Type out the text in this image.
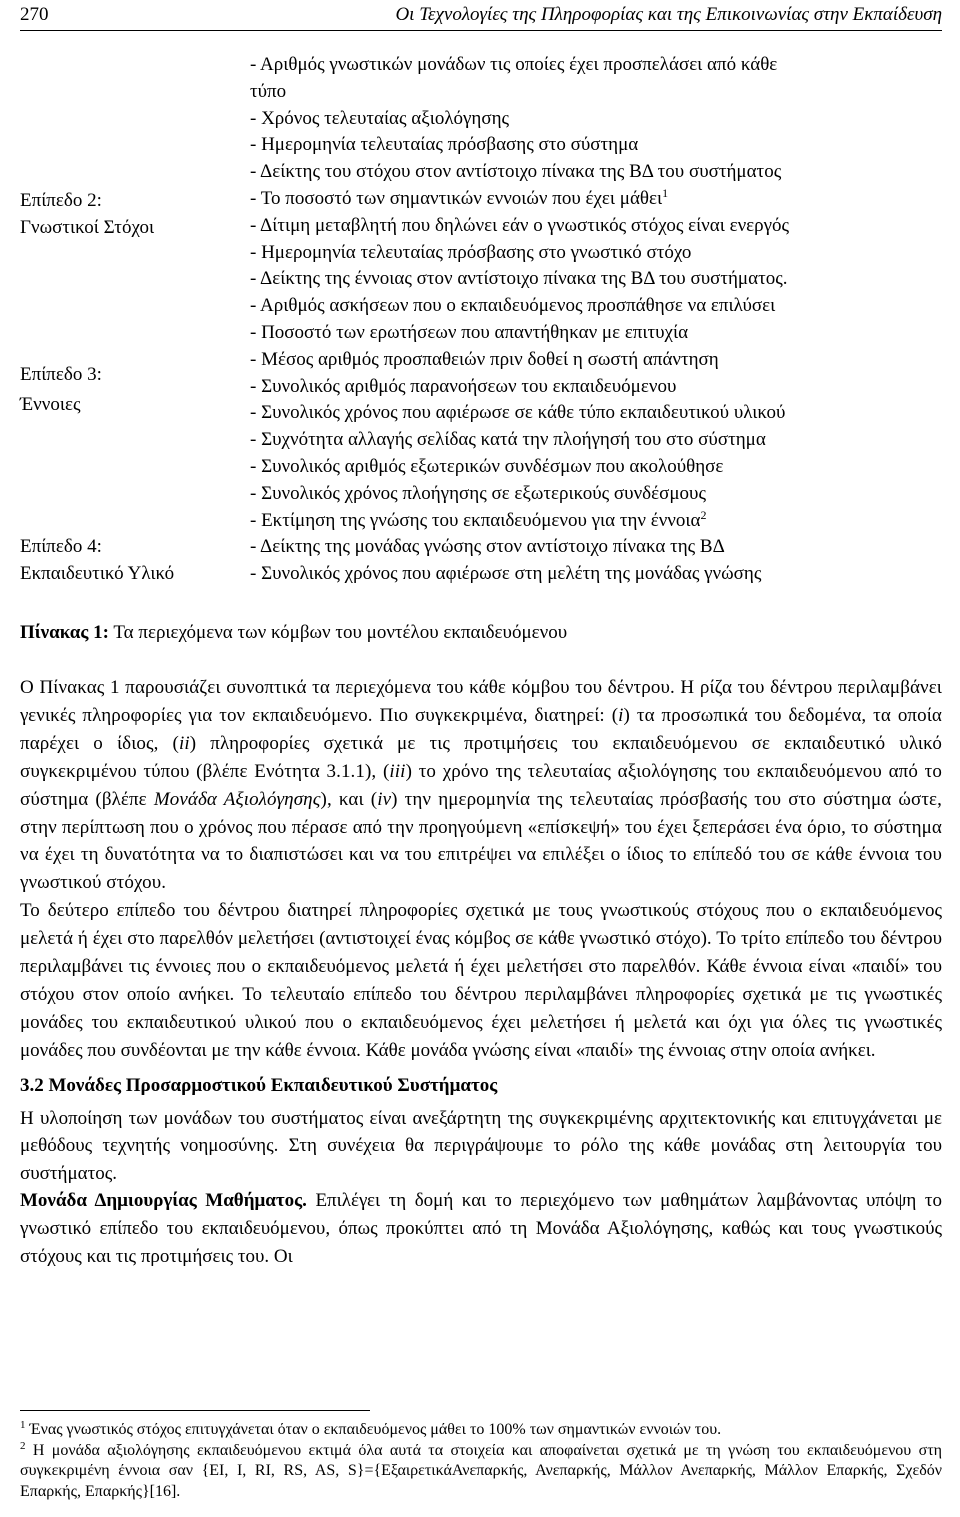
270	Οι Τεχνολογίες της Πληροφορίας και της Επικοινωνίας στην Εκπαίδευση
Επίπεδο 2:
Γνωστικοί Στόχοι
- Αριθμός γνωστικών μονάδων τις οποίες έχει προσπελάσει από κάθε
τύπο
- Χρόνος τελευταίας αξιολόγησης
- Ημερομηνία τελευταίας πρόσβασης στο σύστημα
- Δείκτης του στόχου στον αντίστοιχο πίνακα της ΒΔ του συστήματος
- Το ποσοστό των σημαντικών εννοιών που έχει μάθει$^1$
- Δίτιμη μεταβλητή που δηλώνει εάν ο γνωστικός στόχος είναι ενεργός
- Ημερομηνία τελευταίας πρόσβασης στο γνωστικό στόχο
Επίπεδο 3:
Έννοιες
- Δείκτης της έννοιας στον αντίστοιχο πίνακα της ΒΔ του συστήματος.
- Αριθμός ασκήσεων που ο εκπαιδευόμενος προσπάθησε να επιλύσει
- Ποσοστό των ερωτήσεων που απαντήθηκαν με επιτυχία
- Μέσος αριθμός προσπαθειών πριν δοθεί η σωστή απάντηση
- Συνολικός αριθμός παρανοήσεων του εκπαιδευόμενου
- Συνολικός χρόνος που αφιέρωσε σε κάθε τύπο εκπαιδευτικού υλικού
- Συχνότητα αλλαγής σελίδας κατά την πλοήγησή του στο σύστημα
- Συνολικός αριθμός εξωτερικών συνδέσμων που ακολούθησε
- Συνολικός χρόνος πλοήγησης σε εξωτερικούς συνδέσμους
- Εκτίμηση της γνώσης του εκπαιδευόμενου για την έννοια$^2$
Επίπεδο 4:
Εκπαιδευτικό Υλικό
- Δείκτης της μονάδας γνώσης στον αντίστοιχο πίνακα της ΒΔ
- Συνολικός χρόνος που αφιέρωσε στη μελέτη της μονάδας γνώσης
Πίνακας 1: Τα περιεχόμενα των κόμβων του μοντέλου εκπαιδευόμενου

Ο Πίνακας 1 παρουσιάζει συνοπτικά τα περιεχόμενα του κάθε κόμβου του δέντρου. Η ρίζα του δέντρου περιλαμβάνει γενικές πληροφορίες για τον εκπαιδευόμενο. Πιο συγκεκριμένα, διατηρεί: (i) τα προσωπικά του δεδομένα, τα οποία παρέχει ο ίδιος, (ii) πληροφορίες σχετικά με τις προτιμήσεις του εκπαιδευόμενου σε εκπαιδευτικό υλικό συγκεκριμένου τύπου (βλέπε Ενότητα 3.1.1), (iii) το χρόνο της τελευταίας αξιολόγησης του εκπαιδευόμενου από το σύστημα (βλέπε Μονάδα Αξιολόγησης), και (iv) την ημερομηνία της τελευταίας πρόσβασής του στο σύστημα ώστε, στην περίπτωση που ο χρόνος που πέρασε από την προηγούμενη «επίσκεψή» του έχει ξεπεράσει ένα όριο, το σύστημα να έχει τη δυνατότητα να το διαπιστώσει και να του επιτρέψει να επιλέξει ο ίδιος το επίπεδό του σε κάθε έννοια του γνωστικού στόχου.

Το δεύτερο επίπεδο του δέντρου διατηρεί πληροφορίες σχετικά με τους γνωστικούς στόχους που ο εκπαιδευόμενος μελετά ή έχει στο παρελθόν μελετήσει (αντιστοιχεί ένας κόμβος σε κάθε γνωστικό στόχο). Το τρίτο επίπεδο του δέντρου περιλαμβάνει τις έννοιες που ο εκπαιδευόμενος μελετά ή έχει μελετήσει στο παρελθόν. Κάθε έννοια είναι «παιδί» του στόχου στον οποίο ανήκει. Το τελευταίο επίπεδο του δέντρου περιλαμβάνει πληροφορίες σχετικά με τις γνωστικές μονάδες του εκπαιδευτικού υλικού που ο εκπαιδευόμενος έχει μελετήσει ή μελετά και όχι για όλες τις γνωστικές μονάδες που συνδέονται με την κάθε έννοια. Κάθε μονάδα γνώσης είναι «παιδί» της έννοιας στην οποία ανήκει.

3.2 Μονάδες Προσαρμοστικού Εκπαιδευτικού Συστήματος

Η υλοποίηση των μονάδων του συστήματος είναι ανεξάρτητη της συγκεκριμένης αρχιτεκτονικής και επιτυγχάνεται με μεθόδους τεχνητής νοημοσύνης. Στη συνέχεια θα περιγράψουμε το ρόλο της κάθε μονάδας στη λειτουργία του συστήματος.

Μονάδα Δημιουργίας Μαθήματος. Επιλέγει τη δομή και το περιεχόμενο των μαθημάτων λαμβάνοντας υπόψη το γνωστικό επίπεδο του εκπαιδευόμενου, όπως προκύπτει από τη Μονάδα Αξιολόγησης, καθώς και τους γνωστικούς στόχους και τις προτιμήσεις του. Οι

$^1$ Ένας γνωστικός στόχος επιτυγχάνεται όταν ο εκπαιδευόμενος μάθει το 100% των σημαντικών εννοιών του.

$^2$ Η μονάδα αξιολόγησης εκπαιδευόμενου εκτιμά όλα αυτά τα στοιχεία και αποφαίνεται σχετικά με τη γνώση του εκπαιδευόμενου στη συγκεκριμένη έννοια σαν {EI, I, RI, RS, AS, S}={ΕξαιρετικάΑνεπαρκής, Ανεπαρκής, Μάλλον Ανεπαρκής, Μάλλον Επαρκής, Σχεδόν Επαρκής, Επαρκής}[16].
